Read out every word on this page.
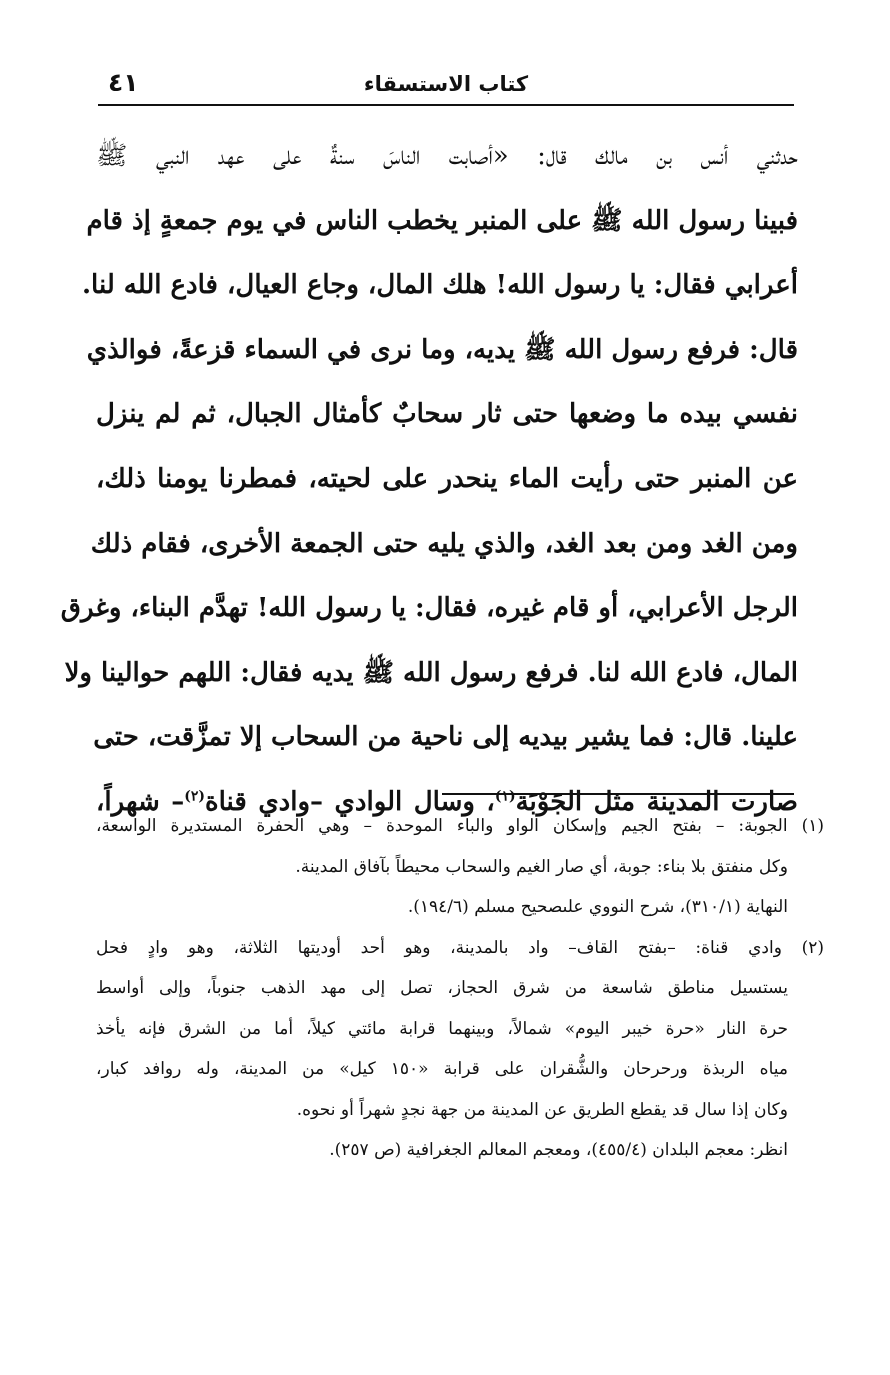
كتاب الاستسقاء
٤١
حدثني أنس بن مالك قال: «أصابت الناسَ سنةٌ على عهد النبي ﷺ
فبينا رسول الله ﷺ على المنبر يخطب الناس في يوم جمعةٍ إذ قام
أعرابي فقال: يا رسول الله! هلك المال، وجاع العيال، فادع الله لنا.
قال: فرفع رسول الله ﷺ يديه، وما نرى في السماء قزعةً، فوالذي
نفسي بيده ما وضعها حتى ثار سحابٌ كأمثال الجبال، ثم لم ينزل
عن المنبر حتى رأيت الماء ينحدر على لحيته، فمطرنا يومنا ذلك،
ومن الغد ومن بعد الغد، والذي يليه حتى الجمعة الأخرى، فقام ذلك
الرجل الأعرابي، أو قام غيره، فقال: يا رسول الله! تهدَّم البناء، وغرق
المال، فادع الله لنا. فرفع رسول الله ﷺ يديه فقال: اللهم حوالينا ولا
علينا. قال: فما يشير بيديه إلى ناحية من السحاب إلا تمزَّقت، حتى
صارت المدينة مثل الجَوْبَة$^{(١)}$، وسال الوادي –وادي قناة$^{(٢)}$– شهراً،
(١) الجوبة: – بفتح الجيم وإسكان الواو والباء الموحدة – وهي الحفرة المستديرة الواسعة،
وكل منفتق بلا بناء: جوبة، أي صار الغيم والسحاب محيطاً بآفاق المدينة.
النهاية (٣١٠/١)، شرح النووي علىصحيح مسلم (١٩٤/٦).
(٢) وادي قناة: –بفتح القاف– واد بالمدينة، وهو أحد أوديتها الثلاثة، وهو وادٍ فحل
يستسيل مناطق شاسعة من شرق الحجاز، تصل إلى مهد الذهب جنوباً، وإلى أواسط
حرة النار «حرة خيبر اليوم» شمالاً، وبينهما قرابة مائتي كيلاً، أما من الشرق فإنه يأخذ
مياه الربذة ورحرحان والشُّقران على قرابة «١٥٠ كيل» من المدينة، وله روافد كبار،
وكان إذا سال قد يقطع الطريق عن المدينة من جهة نجدٍ شهراً أو نحوه.
انظر: معجم البلدان (٤٥٥/٤)، ومعجم المعالم الجغرافية (ص ٢٥٧).
